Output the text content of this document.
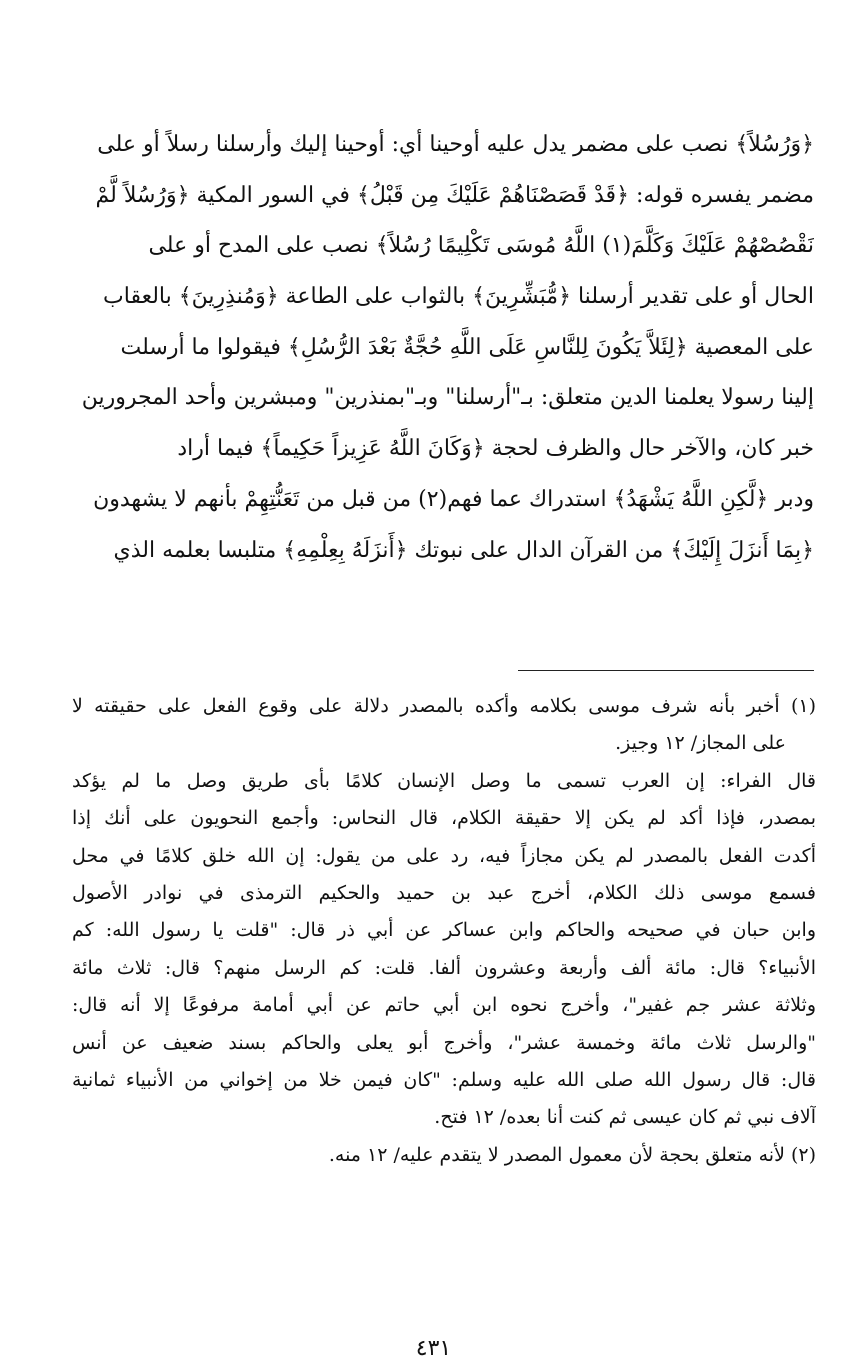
﴿وَرُسُلاً﴾ نصب على مضمر يدل عليه أوحينا أي: أوحينا إليك وأرسلنا رسلاً أو على
مضمر يفسره قوله: ﴿قَدْ قَصَصْنَاهُمْ عَلَيْكَ مِن قَبْلُ﴾ في السور المكية ﴿وَرُسُلاً لَّمْ
نَقْصُصْهُمْ عَلَيْكَ وَكَلَّمَ(١) اللَّهُ مُوسَى تَكْلِيمًا رُسُلاً﴾ نصب على المدح أو على
الحال أو على تقدير أرسلنا ﴿مُّبَشِّرِينَ﴾ بالثواب على الطاعة ﴿وَمُنذِرِينَ﴾ بالعقاب
على المعصية ﴿لِئَلاَّ يَكُونَ لِلنَّاسِ عَلَى اللَّهِ حُجَّةٌ بَعْدَ الرُّسُلِ﴾ فيقولوا ما أرسلت
إلينا رسولا يعلمنا الدين متعلق: بـ"أرسلنا" وبـ"بمنذرين" ومبشرين وأحد المجرورين
خبر كان، والآخر حال والظرف لحجة ﴿وَكَانَ اللَّهُ عَزِيزاً حَكِيماً﴾ فيما أراد
ودبر ﴿لَّكِنِ اللَّهُ يَشْهَدُ﴾ استدراك عما فهم(٢) من قبل من تَعَنُّتِهِمْ بأنهم لا يشهدون
﴿بِمَا أَنزَلَ إِلَيْكَ﴾ من القرآن الدال على نبوتك ﴿أَنزَلَهُ بِعِلْمِهِ﴾ متلبسا بعلمه الذي
(١) أخبر بأنه شرف موسى بكلامه وأكده بالمصدر دلالة على وقوع الفعل على حقيقته لا
على المجاز/ ١٢ وجيز.
قال الفراء: إن العرب تسمى ما وصل الإنسان كلامًا بأى طريق وصل ما لم يؤكد
بمصدر، فإذا أكد لم يكن إلا حقيقة الكلام، قال النحاس: وأجمع النحويون على أنك إذا
أكدت الفعل بالمصدر لم يكن مجازاً فيه، رد على من يقول: إن الله خلق كلامًا في محل
فسمع موسى ذلك الكلام، أخرج عبد بن حميد والحكيم الترمذى في نوادر الأصول
وابن حبان في صحيحه والحاكم وابن عساكر عن أبي ذر قال: "قلت يا رسول الله: كم
الأنبياء؟ قال: مائة ألف وأربعة وعشرون ألفا. قلت: كم الرسل منهم؟ قال: ثلاث مائة
وثلاثة عشر جم غفير"، وأخرج نحوه ابن أبي حاتم عن أبي أمامة مرفوعًا إلا أنه قال:
"والرسل ثلاث مائة وخمسة عشر"، وأخرج أبو يعلى والحاكم بسند ضعيف عن أنس
قال: قال رسول الله صلى الله عليه وسلم: "كان فيمن خلا من إخواني من الأنبياء ثمانية
آلاف نبي ثم كان عيسى ثم كنت أنا بعده/ ١٢ فتح.
(٢) لأنه متعلق بحجة لأن معمول المصدر لا يتقدم عليه/ ١٢ منه.
٤٣١
